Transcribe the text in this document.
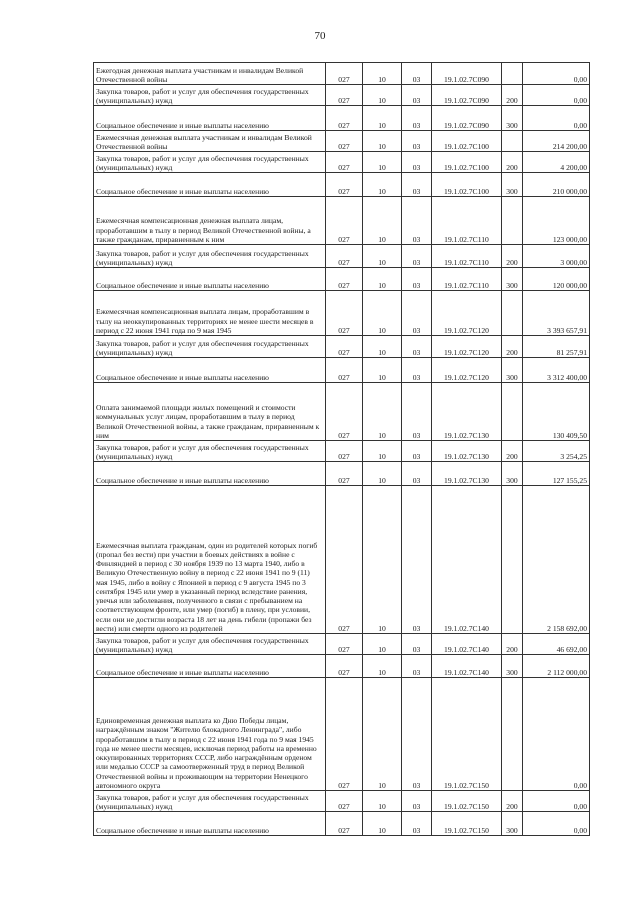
70
Ежегодная денежная выплата участникам и инвалидам Великой Отечественной войны	027	10	03	19.1.02.7С090		0,00
Закупка товаров, работ и услуг для обеспечения государственных (муниципальных) нужд	027	10	03	19.1.02.7С090	200	0,00
Социальное обеспечение и иные выплаты населению	027	10	03	19.1.02.7С090	300	0,00
Ежемесячная денежная выплата участникам и инвалидам Великой Отечественной войны	027	10	03	19.1.02.7С100		214 200,00
Закупка товаров, работ и услуг для обеспечения государственных (муниципальных) нужд	027	10	03	19.1.02.7С100	200	4 200,00
Социальное обеспечение и иные выплаты населению	027	10	03	19.1.02.7С100	300	210 000,00
Ежемесячная компенсационная денежная выплата лицам, проработавшим в тылу в период Великой Отечественной войны, а также гражданам, приравненным к ним	027	10	03	19.1.02.7С110		123 000,00
Закупка товаров, работ и услуг для обеспечения государственных (муниципальных) нужд	027	10	03	19.1.02.7С110	200	3 000,00
Социальное обеспечение и иные выплаты населению	027	10	03	19.1.02.7С110	300	120 000,00
Ежемесячная компенсационная выплата лицам, проработавшим в тылу на неоккупированных территориях не менее шести месяцев в период с 22 июня 1941 года по 9 мая 1945	027	10	03	19.1.02.7С120		3 393 657,91
Закупка товаров, работ и услуг для обеспечения государственных (муниципальных) нужд	027	10	03	19.1.02.7С120	200	81 257,91
Социальное обеспечение и иные выплаты населению	027	10	03	19.1.02.7С120	300	3 312 400,00
Оплата занимаемой площади жилых помещений и стоимости коммунальных услуг лицам, проработавшим в тылу в период Великой Отечественной войны, а также гражданам, приравненным к ним	027	10	03	19.1.02.7С130		130 409,50
Закупка товаров, работ и услуг для обеспечения государственных (муниципальных) нужд	027	10	03	19.1.02.7С130	200	3 254,25
Социальное обеспечение и иные выплаты населению	027	10	03	19.1.02.7С130	300	127 155,25
Ежемесячная выплата гражданам, один из родителей которых погиб (пропал без вести) при участии в боевых действиях в войне с Финляндией в период с 30 ноября 1939 по 13 марта 1940, либо в Великую Отечественную войну в период с 22 июня 1941 по 9 (11) мая 1945, либо в войну с Японией в период с 9 августа 1945 по 3 сентября 1945 или умер в указанный период вследствие ранения, увечья или заболевания, полученного в связи с пребыванием на соответствующем фронте, или умер (погиб) в плену, при условии, если они не достигли возраста 18 лет на день гибели (пропажи без вести) или смерти одного из родителей	027	10	03	19.1.02.7С140		2 158 692,00
Закупка товаров, работ и услуг для обеспечения государственных (муниципальных) нужд	027	10	03	19.1.02.7С140	200	46 692,00
Социальное обеспечение и иные выплаты населению	027	10	03	19.1.02.7С140	300	2 112 000,00
Единовременная денежная выплата ко Дню Победы лицам, награждённым знаком "Жителю блокадного Ленинграда", либо проработавшим в тылу в период с 22 июня 1941 года по 9 мая 1945 года не менее шести месяцев, исключая период работы на временно оккупированных территориях СССР, либо награждённым орденом или медалью СССР за самоотверженный труд в период Великой Отечественной войны и проживающим на территории Ненецкого автономного округа	027	10	03	19.1.02.7С150		0,00
Закупка товаров, работ и услуг для обеспечения государственных (муниципальных) нужд	027	10	03	19.1.02.7С150	200	0,00
Социальное обеспечение и иные выплаты населению	027	10	03	19.1.02.7С150	300	0,00
